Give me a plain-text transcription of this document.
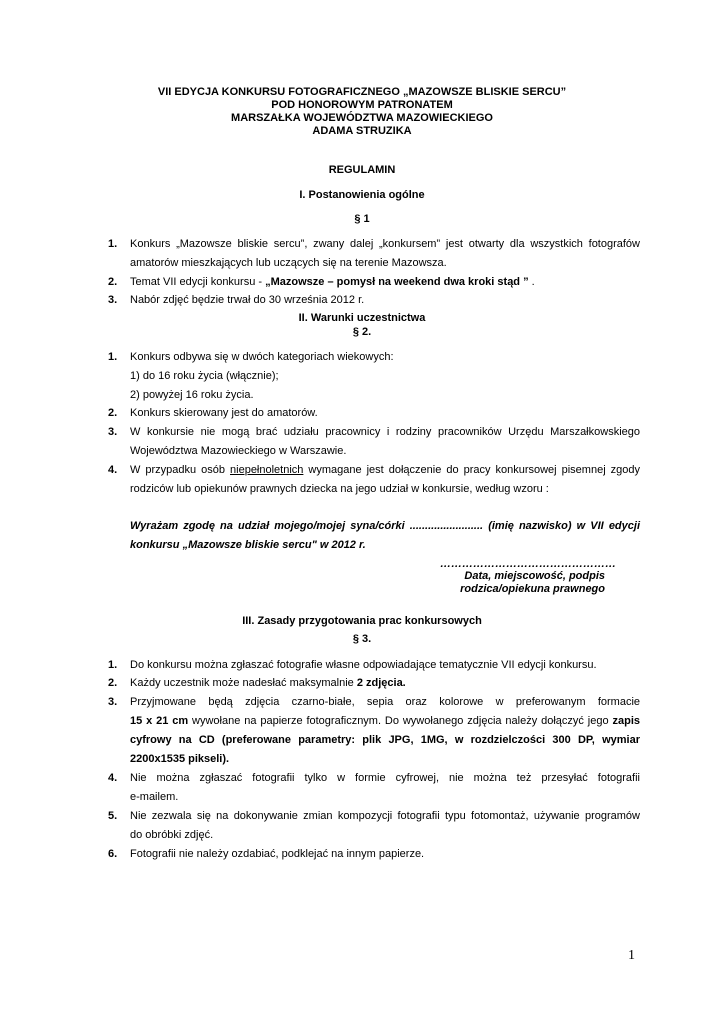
VII EDYCJA KONKURSU FOTOGRAFICZNEGO „MAZOWSZE BLISKIE SERCU”
POD HONOROWYM PATRONATEM
MARSZAŁKA WOJEWÓDZTWA MAZOWIECKIEGO
ADAMA STRUZIKA
REGULAMIN
I. Postanowienia ogólne
§ 1
1. Konkurs „Mazowsze bliskie sercu”, zwany dalej „konkursem” jest otwarty dla wszystkich fotografów
amatorów mieszkających lub uczących się na terenie Mazowsza.
2. Temat VII edycji konkursu - „Mazowsze – pomysł na weekend dwa kroki stąd ” .
3. Nabór zdjęć będzie trwał do 30 września 2012 r.
II. Warunki uczestnictwa
§ 2.
1. Konkurs odbywa się w dwóch kategoriach wiekowych:
1) do 16 roku życia (włącznie);
2) powyżej 16 roku życia.
2. Konkurs skierowany jest do amatorów.
3. W konkursie nie mogą brać udziału pracownicy i rodziny pracowników Urzędu Marszałkowskiego
Województwa Mazowieckiego w Warszawie.
4. W przypadku osób niepełnoletnich wymagane jest dołączenie do pracy konkursowej pisemnej zgody
rodziców lub opiekunów prawnych dziecka na jego udział w konkursie, według wzoru :
Wyrażam zgodę na udział mojego/mojej syna/córki ........................ (imię nazwisko) w VII edycji
konkursu „Mazowsze bliskie sercu" w 2012 r.
…………………………………………
Data, miejscowość, podpis
rodzica/opiekuna prawnego
III. Zasady przygotowania prac konkursowych
§ 3.
1. Do konkursu można zgłaszać fotografie własne odpowiadające tematycznie VII edycji konkursu.
2. Każdy uczestnik może nadesłać maksymalnie 2 zdjęcia.
3. Przyjmowane będą zdjęcia czarno-białe, sepia oraz kolorowe w preferowanym formacie
15 x 21 cm wywołane na papierze fotograficznym. Do wywołanego zdjęcia należy dołączyć jego zapis
cyfrowy na CD (preferowane parametry: plik JPG, 1MG, w rozdzielczości 300 DP, wymiar
2200x1535 pikseli).
4. Nie można zgłaszać fotografii tylko w formie cyfrowej, nie można też przesyłać fotografii
e-mailem.
5. Nie zezwala się na dokonywanie zmian kompozycji fotografii typu fotomontaż, używanie programów
do obróbki zdjęć.
6. Fotografii nie należy ozdabiać, podklejać na innym papierze.
1
